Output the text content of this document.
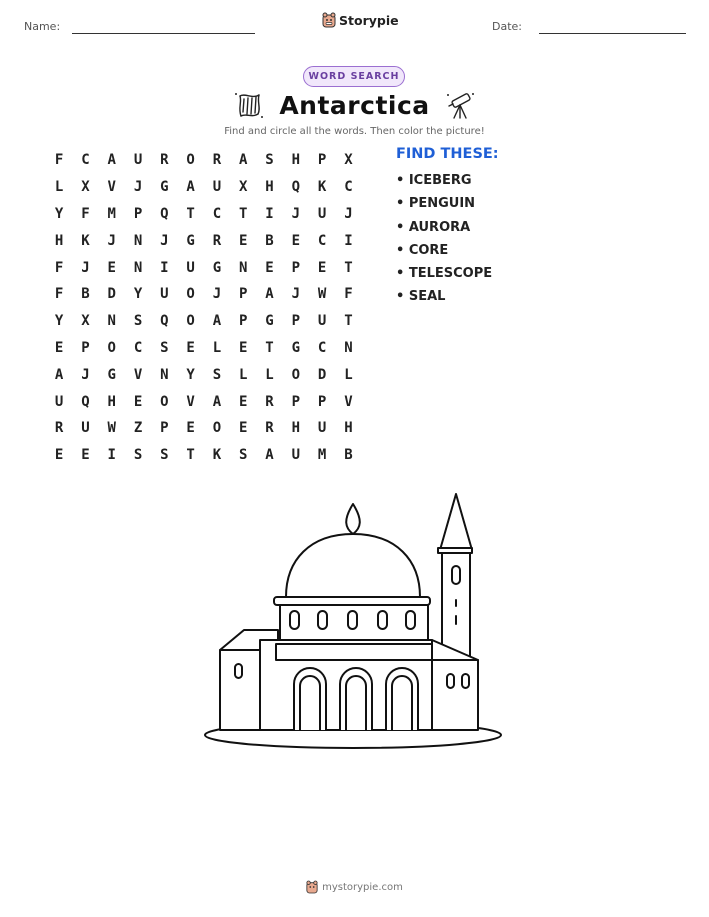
Name:	Storypie	Date:
WORD SEARCH
Antarctica
Find and circle all the words. Then color the picture!
F	C	A	U	R	O	R	A	S	H	P	X
L	X	V	J	G	A	U	X	H	Q	K	C
Y	F	M	P	Q	T	C	T	I	J	U	J
H	K	J	N	J	G	R	E	B	E	C	I
F	J	E	N	I	U	G	N	E	P	E	T
F	B	D	Y	U	O	J	P	A	J	W	F
Y	X	N	S	Q	O	A	P	G	P	U	T
E	P	O	C	S	E	L	E	T	G	C	N
A	J	G	V	N	Y	S	L	L	O	D	L
U	Q	H	E	O	V	A	E	R	P	P	V
R	U	W	Z	P	E	O	E	R	H	U	H
E	E	I	S	S	T	K	S	A	U	M	B
FIND THESE:
• ICEBERG
• PENGUIN
• AURORA
• CORE
• TELESCOPE
• SEAL
mystorypie.com
